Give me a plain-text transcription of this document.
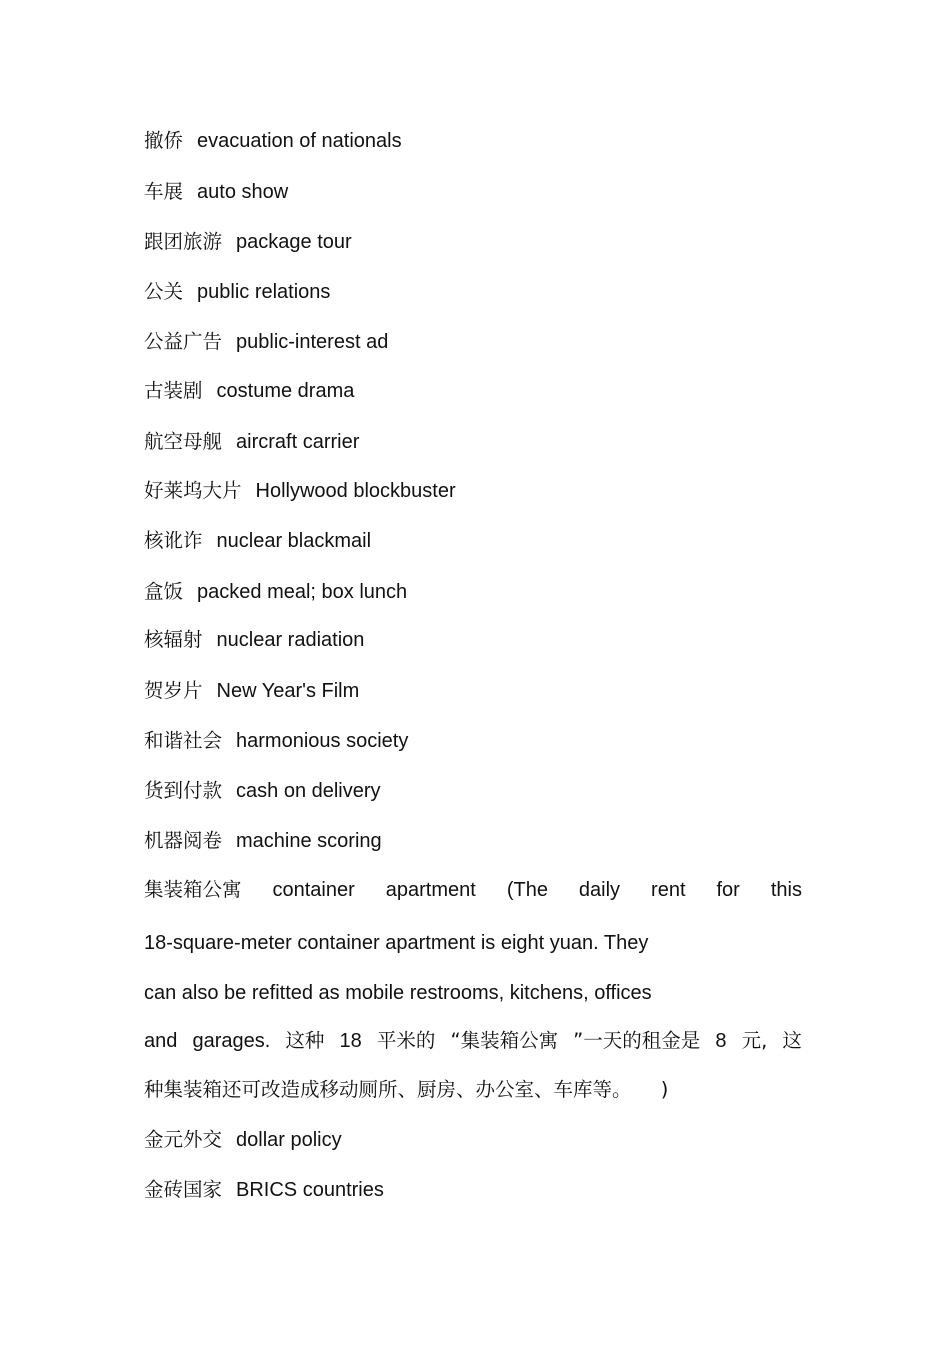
撤侨 evacuation of nationals
车展 auto show
跟团旅游 package tour
公关 public relations
公益广告 public-interest ad
古装剧 costume drama
航空母舰 aircraft carrier
好莱坞大片 Hollywood blockbuster
核讹诈 nuclear blackmail
盒饭 packed meal; box lunch
核辐射 nuclear radiation
贺岁片 New Year's Film
和谐社会 harmonious society
货到付款 cash on delivery
机器阅卷 machine scoring
集装箱公寓 container apartment (The daily rent for this
18-square-meter container apartment is eight yuan. They
can also be refitted as mobile restrooms, kitchens, offices
and garages. 这种 18 平米的 “集装箱公寓 ”一天的租金是 8 元, 这
种集装箱还可改造成移动厕所、厨房、办公室、车库等。　　)
金元外交 dollar policy
金砖国家 BRICS countries
